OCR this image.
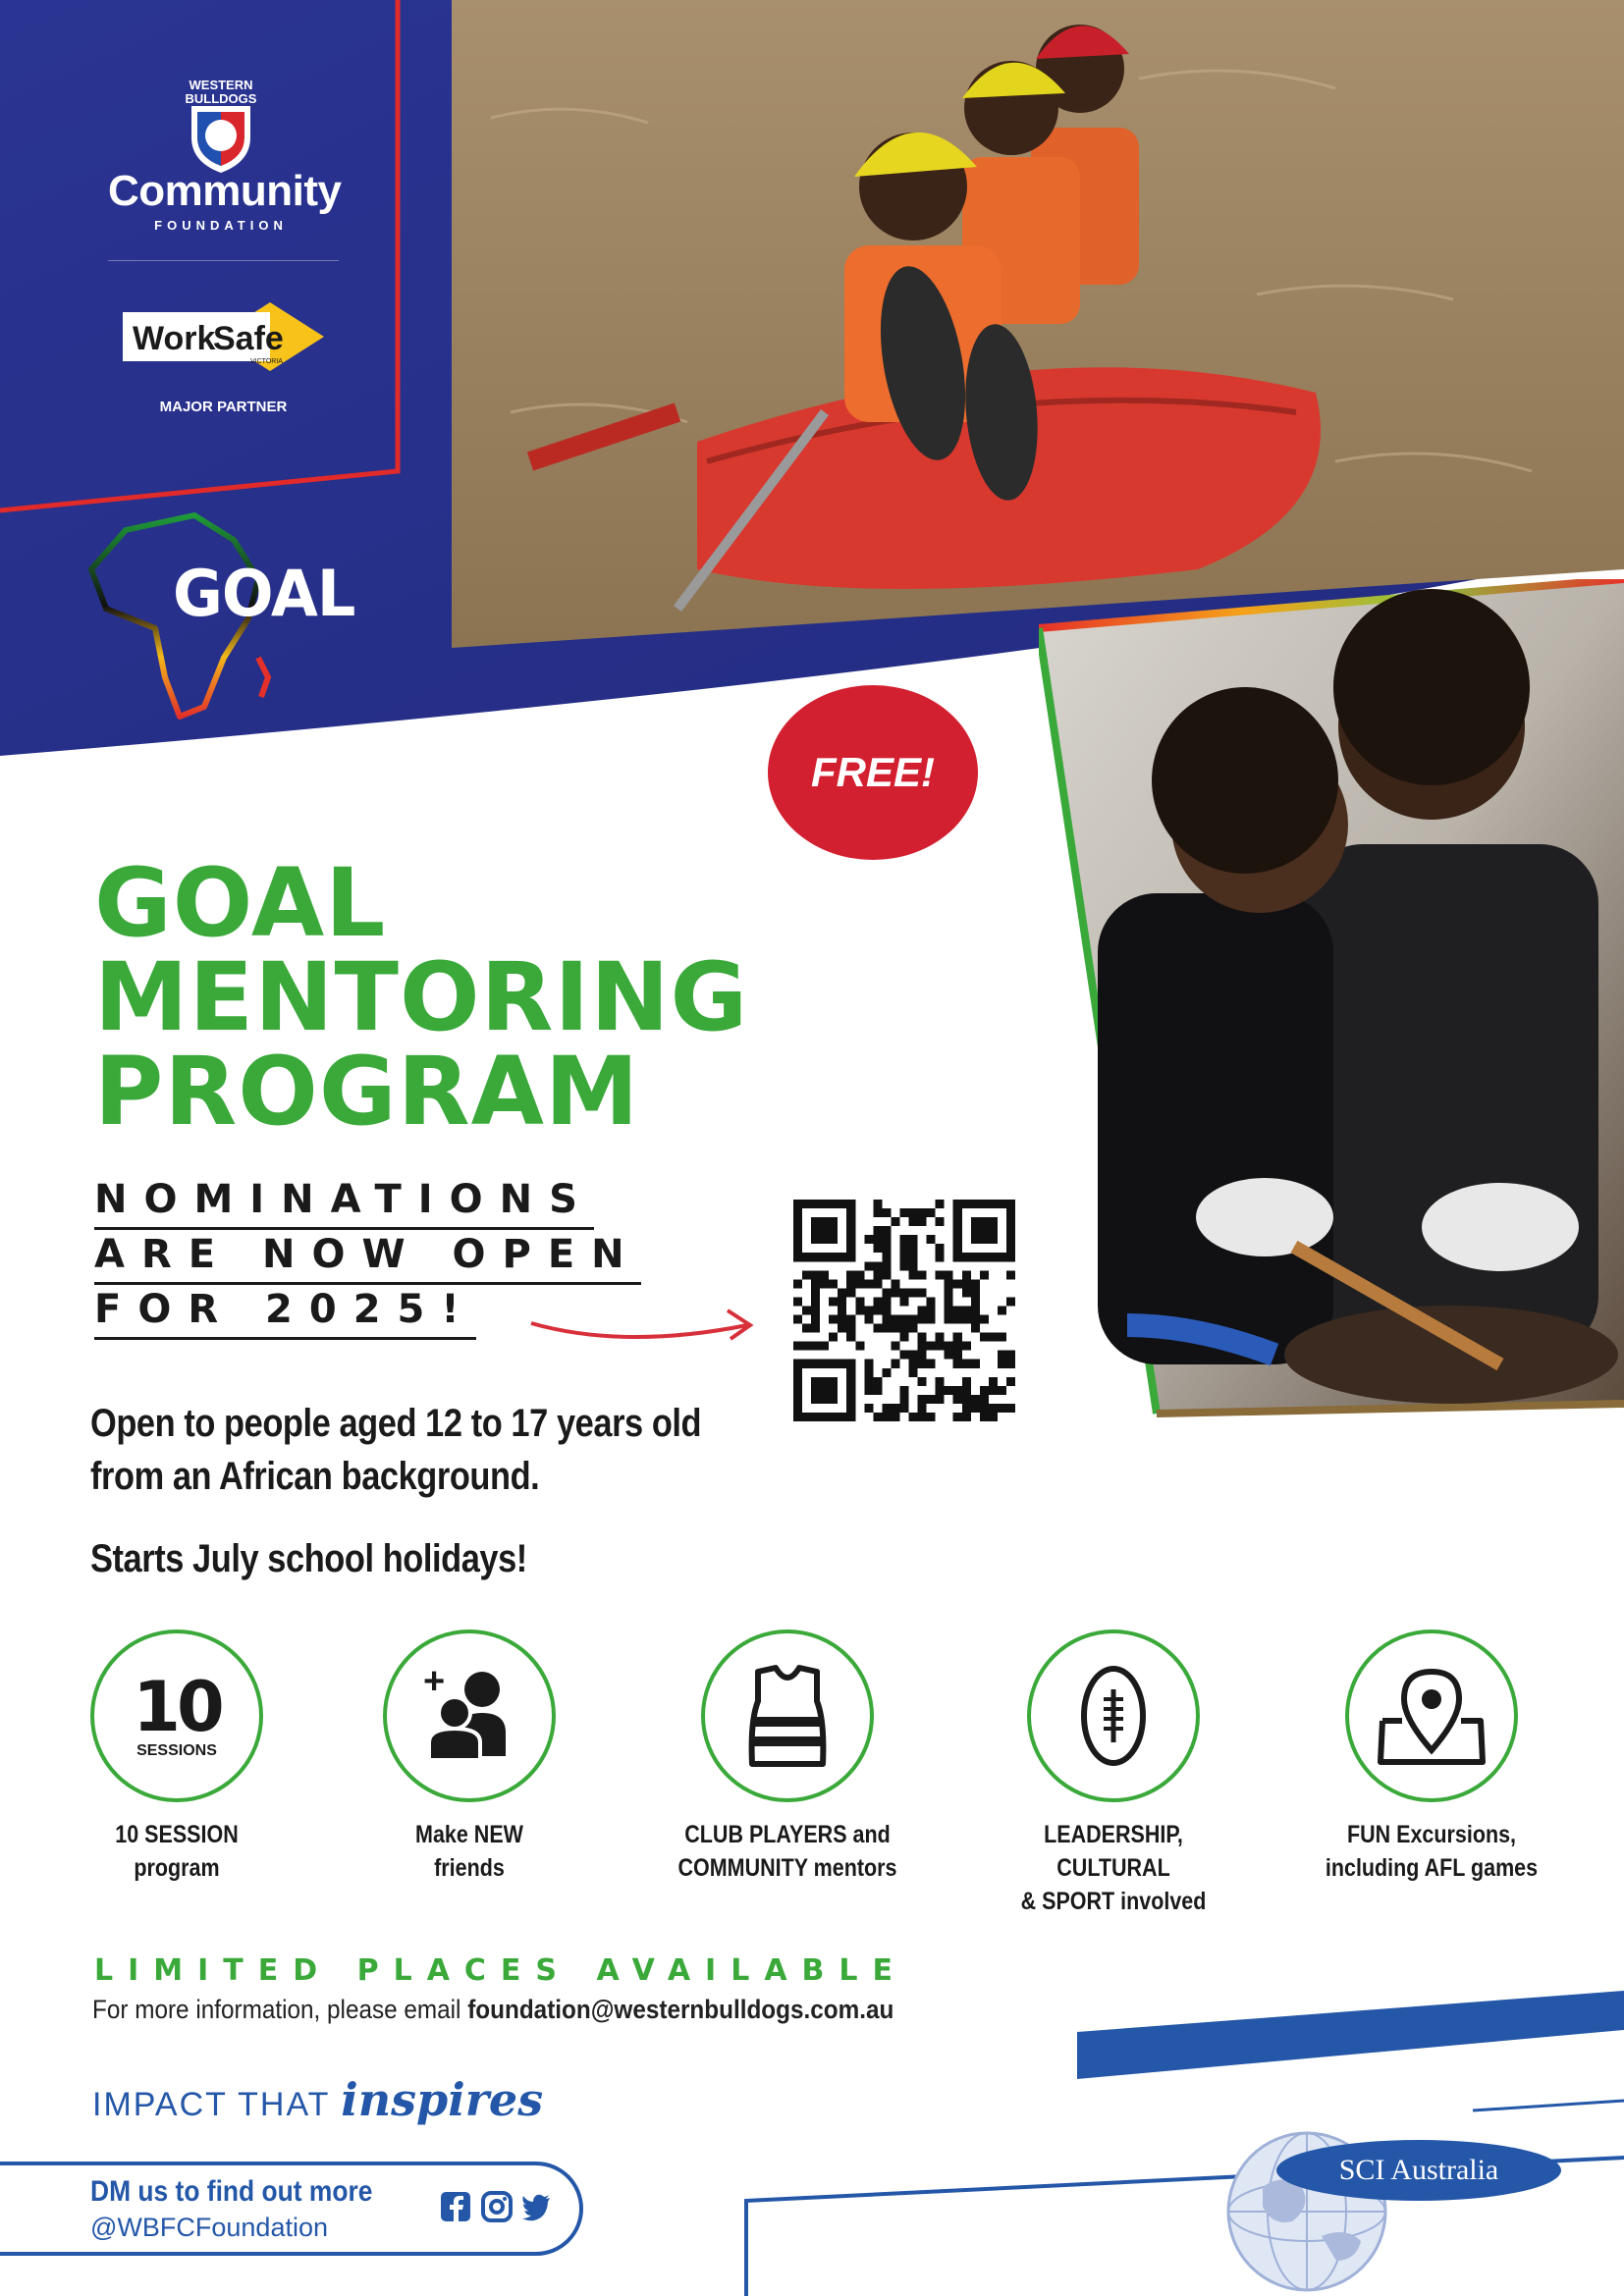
WESTERN BULLDOGS
Community
FOUNDATION
Work
Safe
VICTORIA
MAJOR PARTNER
GOAL
FREE!
GOAL
MENTORING
PROGRAM
NOMINATIONS
ARE NOW OPEN
FOR 2025!
Open to people aged 12 to 17 years old
from an African background.
Starts July school holidays!
10
SESSIONS
10 SESSION
program
+
Make NEW
friends
CLUB PLAYERS and
COMMUNITY mentors
LEADERSHIP, CULTURAL
& SPORT involved
FUN Excursions,
including AFL games
LIMITED PLACES AVAILABLE
For more information, please email foundation@westernbulldogs.com.au
IMPACT THAT inspires
DM us to find out more
@WBFCFoundation
SCI Australia
